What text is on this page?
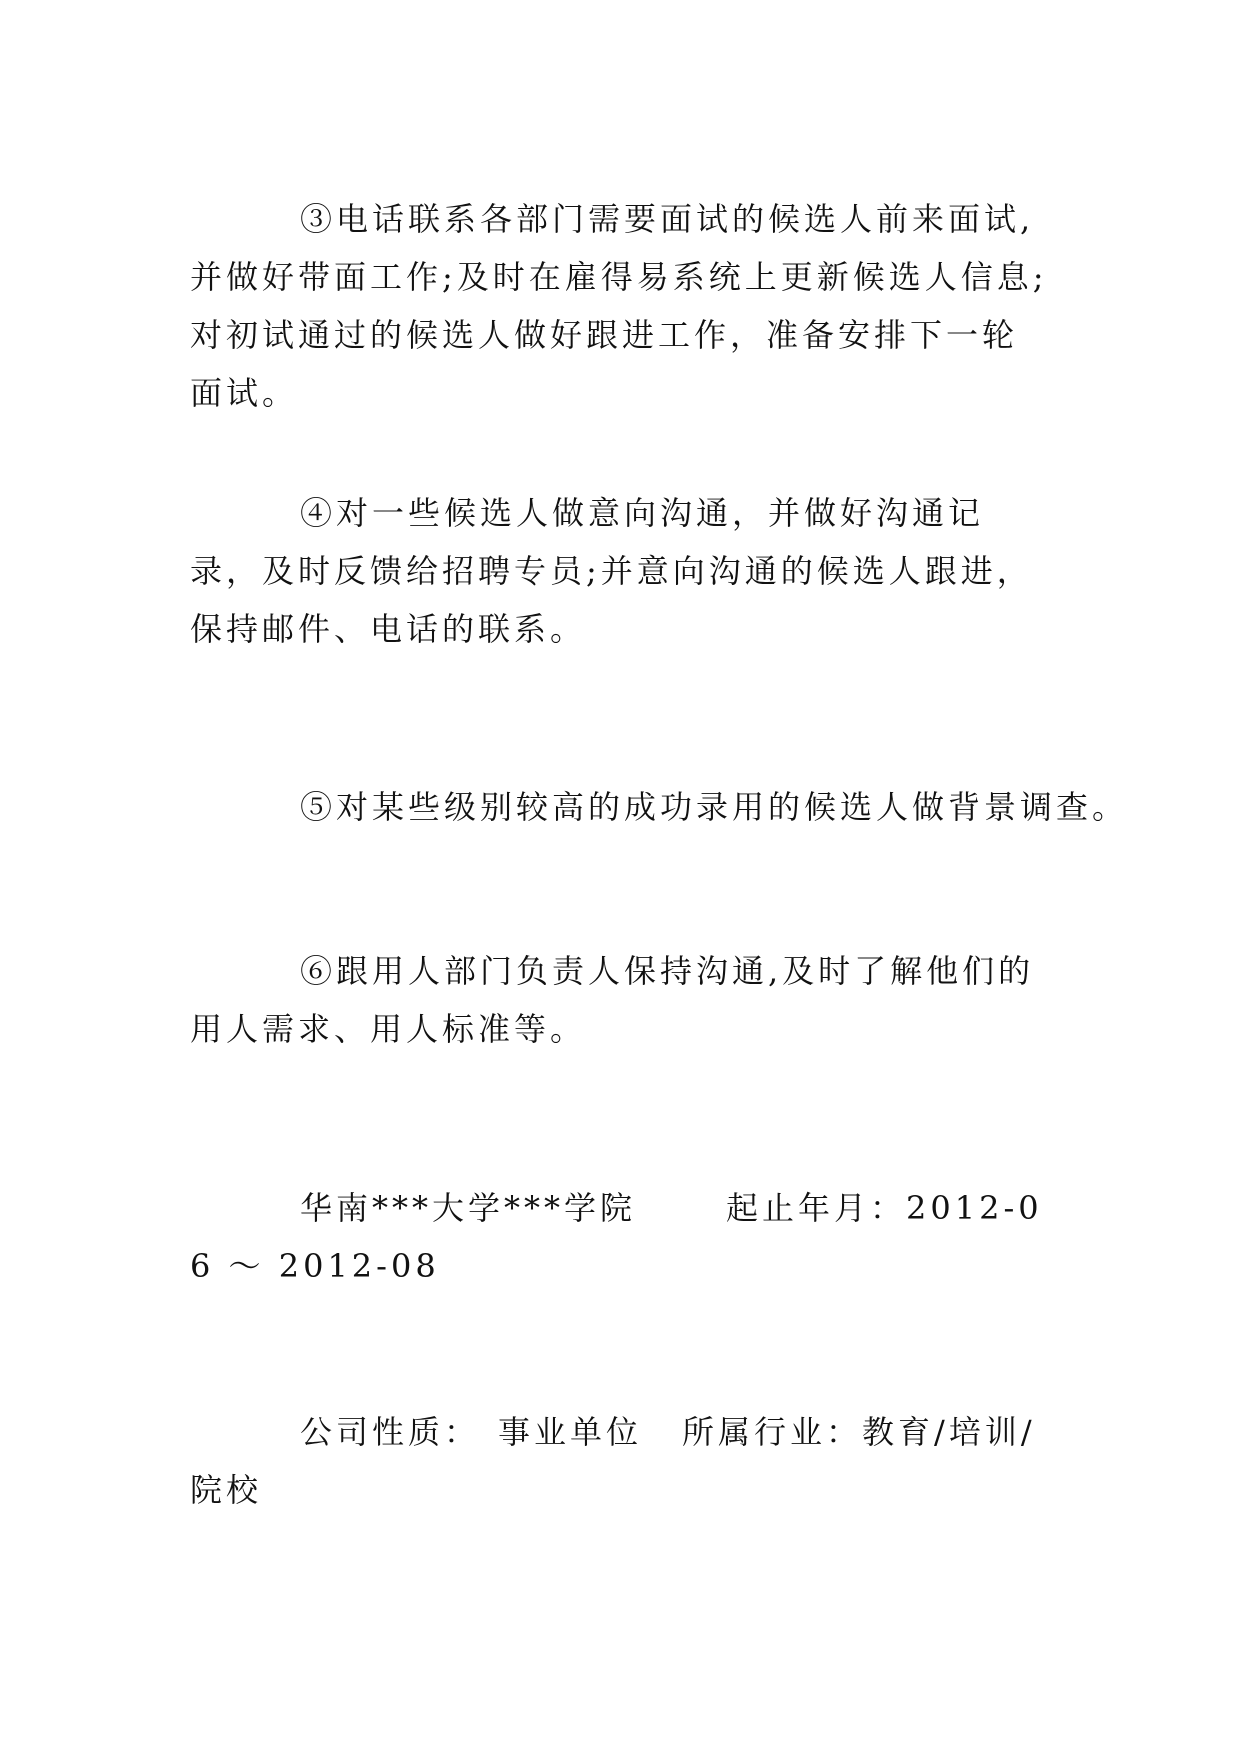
③电话联系各部门需要面试的候选人前来面试,并做好带面工作;及时在雇得易系统上更新候选人信息;对初试通过的候选人做好跟进工作，准备安排下一轮面试。

④对一些候选人做意向沟通，并做好沟通记录，及时反馈给招聘专员;并意向沟通的候选人跟进，保持邮件、电话的联系。

⑤对某些级别较高的成功录用的候选人做背景调查。

⑥跟用人部门负责人保持沟通,及时了解他们的用人需求、用人标准等。

华南***大学***学院	起止年月：2012-06 ～ 2012-08

公司性质： 事业单位 所属行业：教育/培训/院校
